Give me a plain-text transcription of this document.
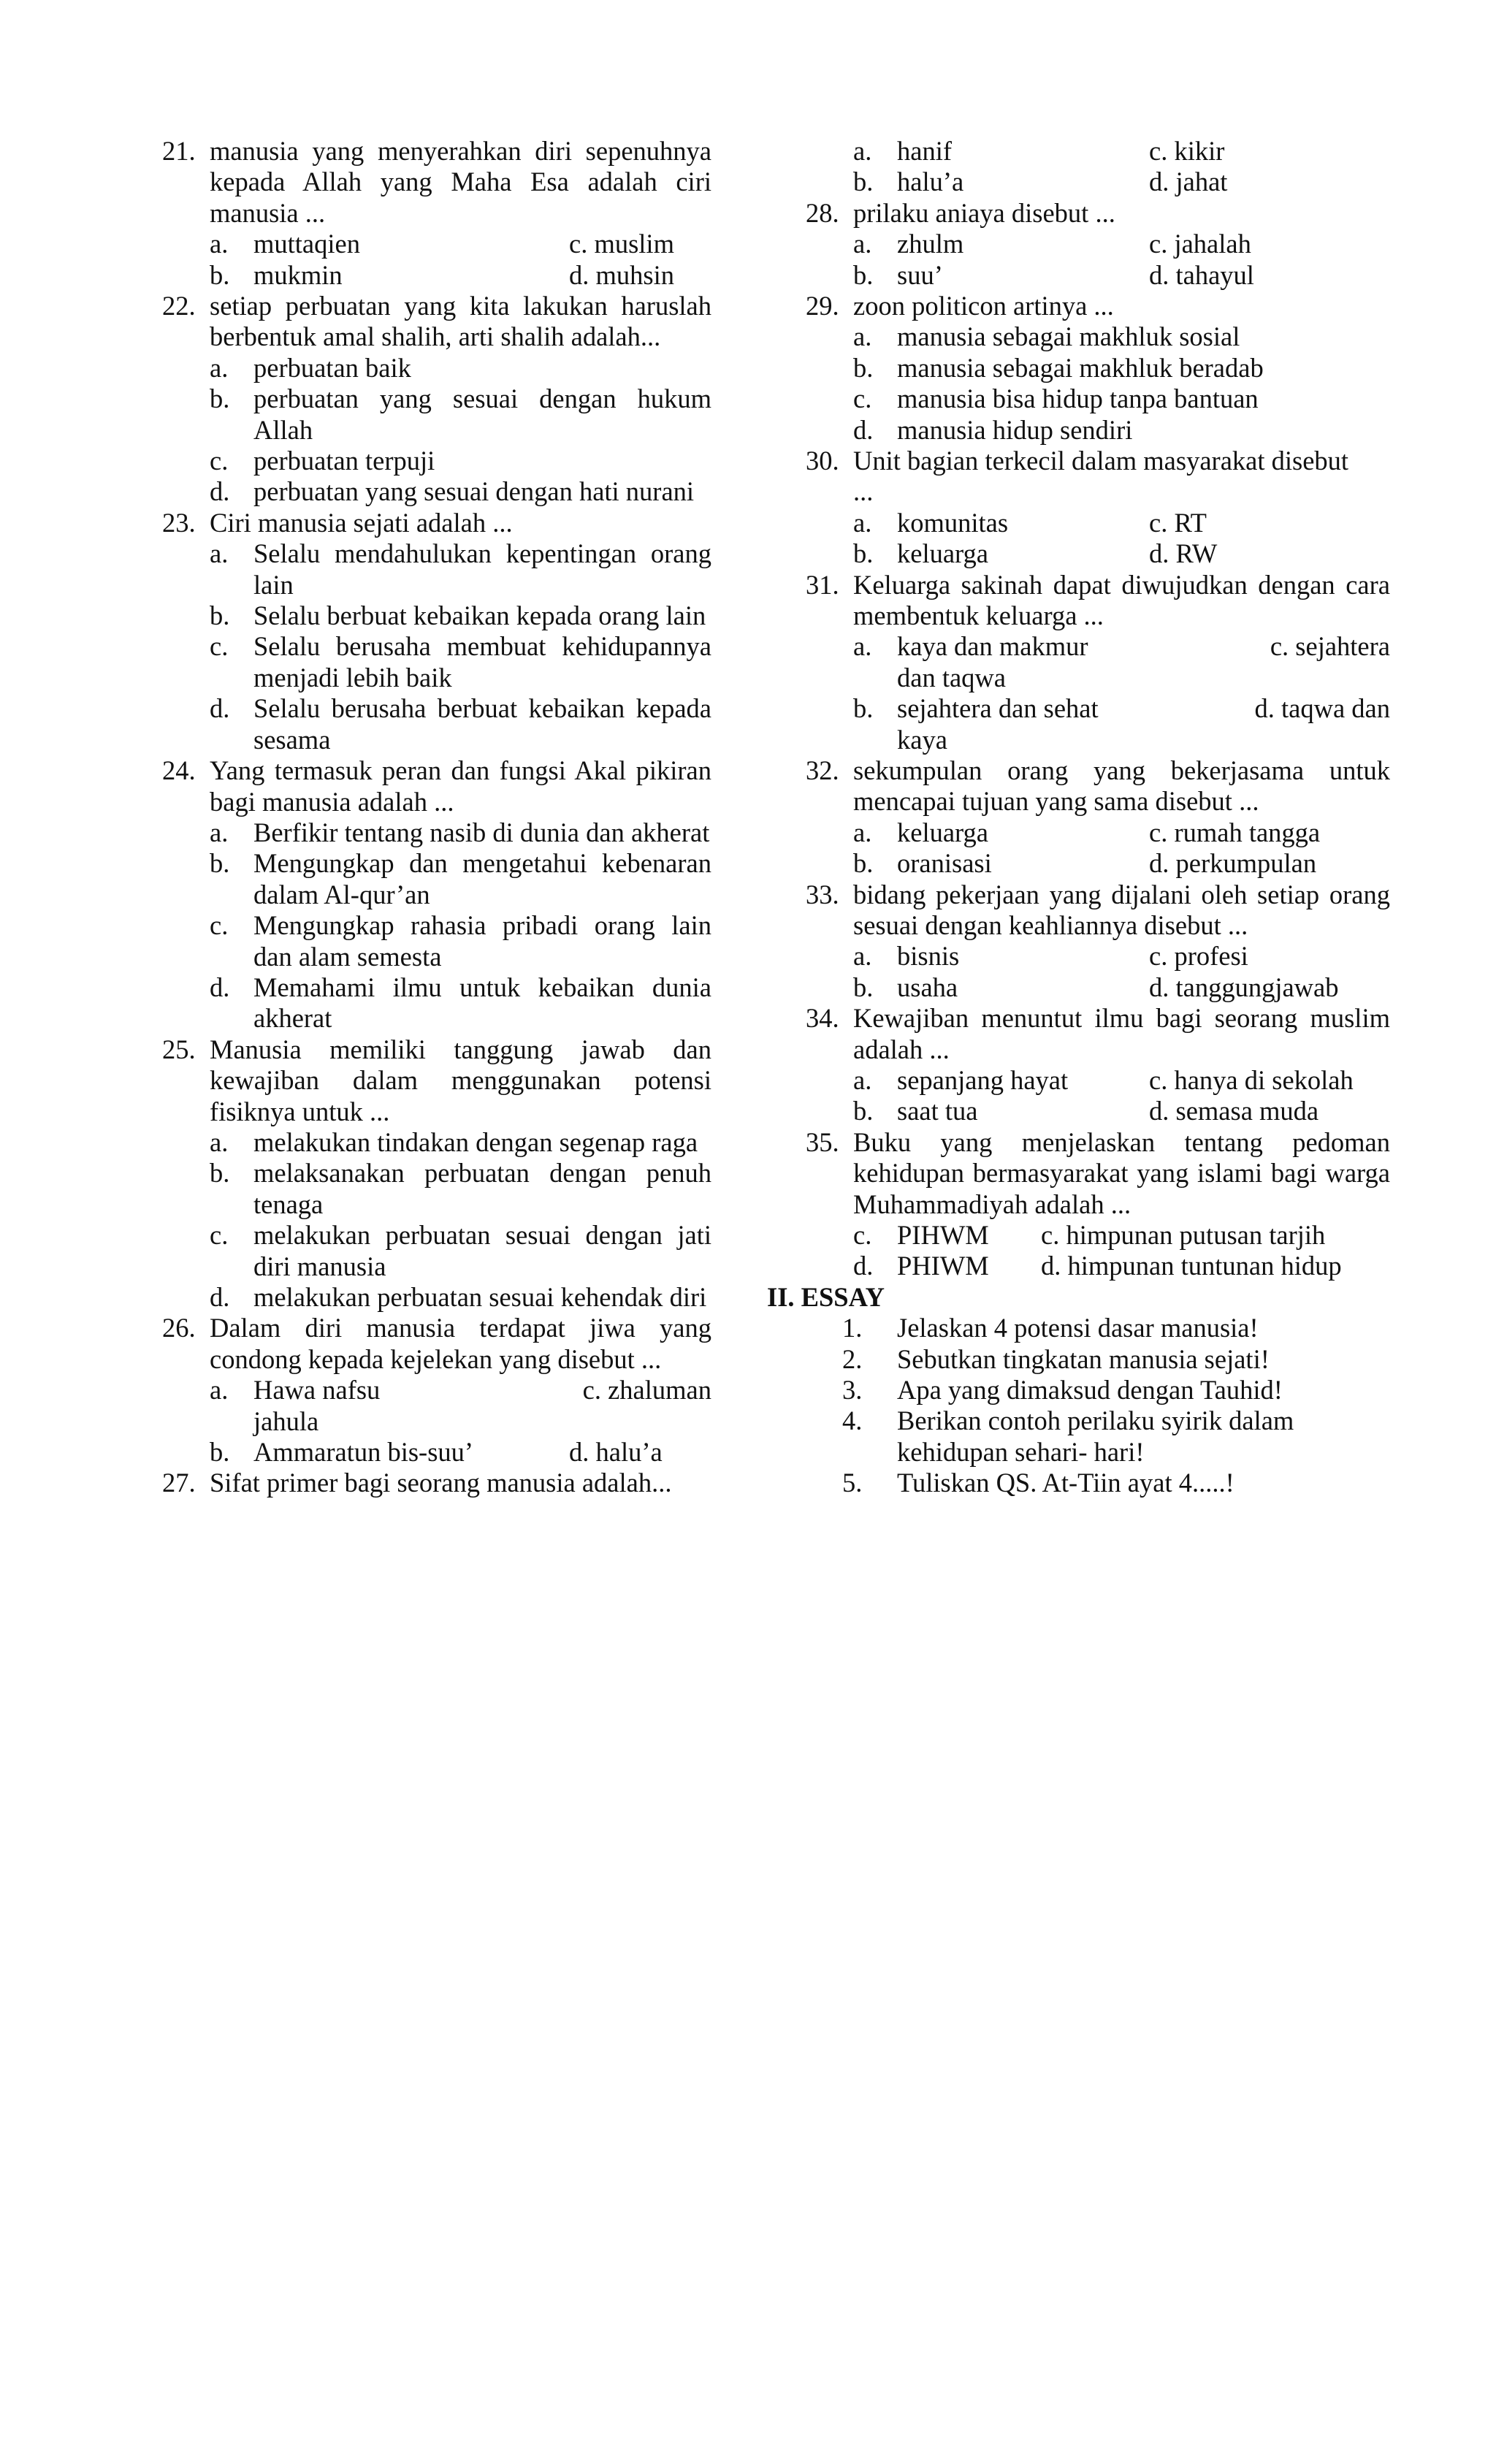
21. manusia yang menyerahkan diri sepenuhnya kepada Allah yang Maha Esa adalah ciri manusia ...
a. muttaqien	c. muslim
b. mukmin	d. muhsin
22. setiap perbuatan yang kita lakukan haruslah berbentuk amal shalih, arti shalih adalah...
a. perbuatan baik
b. perbuatan yang sesuai dengan hukum Allah
c. perbuatan terpuji
d. perbuatan yang sesuai dengan hati nurani
23. Ciri manusia sejati adalah ...
a. Selalu mendahulukan kepentingan orang lain
b. Selalu berbuat kebaikan kepada orang lain
c. Selalu berusaha membuat kehidupannya menjadi lebih baik
d. Selalu berusaha berbuat kebaikan kepada sesama
24. Yang termasuk peran dan fungsi Akal pikiran bagi manusia adalah ...
a. Berfikir tentang nasib di dunia dan akherat
b. Mengungkap dan mengetahui kebenaran dalam Al-qur’an
c. Mengungkap rahasia pribadi orang lain dan alam semesta
d. Memahami ilmu untuk kebaikan dunia akherat
25. Manusia memiliki tanggung jawab dan kewajiban dalam menggunakan potensi fisiknya untuk ...
a. melakukan tindakan dengan segenap raga
b. melaksanakan perbuatan dengan penuh tenaga
c. melakukan perbuatan sesuai dengan jati diri manusia
d. melakukan perbuatan sesuai kehendak diri
26. Dalam diri manusia terdapat jiwa yang condong kepada kejelekan yang disebut ...
a. Hawa nafsu	c. zhaluman
jahula
b. Ammaratun bis-suu’	d. halu’a
27. Sifat primer bagi seorang manusia adalah...
a. hanif	c. kikir
b. halu’a	d. jahat
28. prilaku aniaya disebut ...
a. zhulm	c. jahalah
b. suu’	d. tahayul
29. zoon politicon artinya ...
a. manusia sebagai makhluk sosial
b. manusia sebagai makhluk beradab
c. manusia bisa hidup tanpa bantuan
d. manusia hidup sendiri
30. Unit bagian terkecil dalam masyarakat disebut
...
a. komunitas	c. RT
b. keluarga	d. RW
31. Keluarga sakinah dapat diwujudkan dengan cara membentuk keluarga ...
a. kaya dan makmur	c. sejahtera
dan taqwa
b. sejahtera dan sehat	d. taqwa dan
kaya
32. sekumpulan orang yang bekerjasama untuk mencapai tujuan yang sama disebut ...
a. keluarga	c. rumah tangga
b. oranisasi	d. perkumpulan
33. bidang pekerjaan yang dijalani oleh setiap orang sesuai dengan keahliannya disebut ...
a. bisnis	c. profesi
b. usaha	d. tanggungjawab
34. Kewajiban menuntut ilmu bagi seorang muslim adalah ...
a. sepanjang hayat	c. hanya di sekolah
b. saat tua	d. semasa muda
35. Buku yang menjelaskan tentang pedoman kehidupan bermasyarakat yang islami bagi warga Muhammadiyah adalah ...
c. PIHWM c. himpunan putusan tarjih
d. PHIWM d. himpunan tuntunan hidup
II. ESSAY
1. Jelaskan 4 potensi dasar manusia!
2. Sebutkan tingkatan manusia sejati!
3. Apa yang dimaksud dengan Tauhid!
4. Berikan contoh perilaku syirik dalam kehidupan sehari- hari!
5. Tuliskan QS. At-Tiin ayat 4.....!
